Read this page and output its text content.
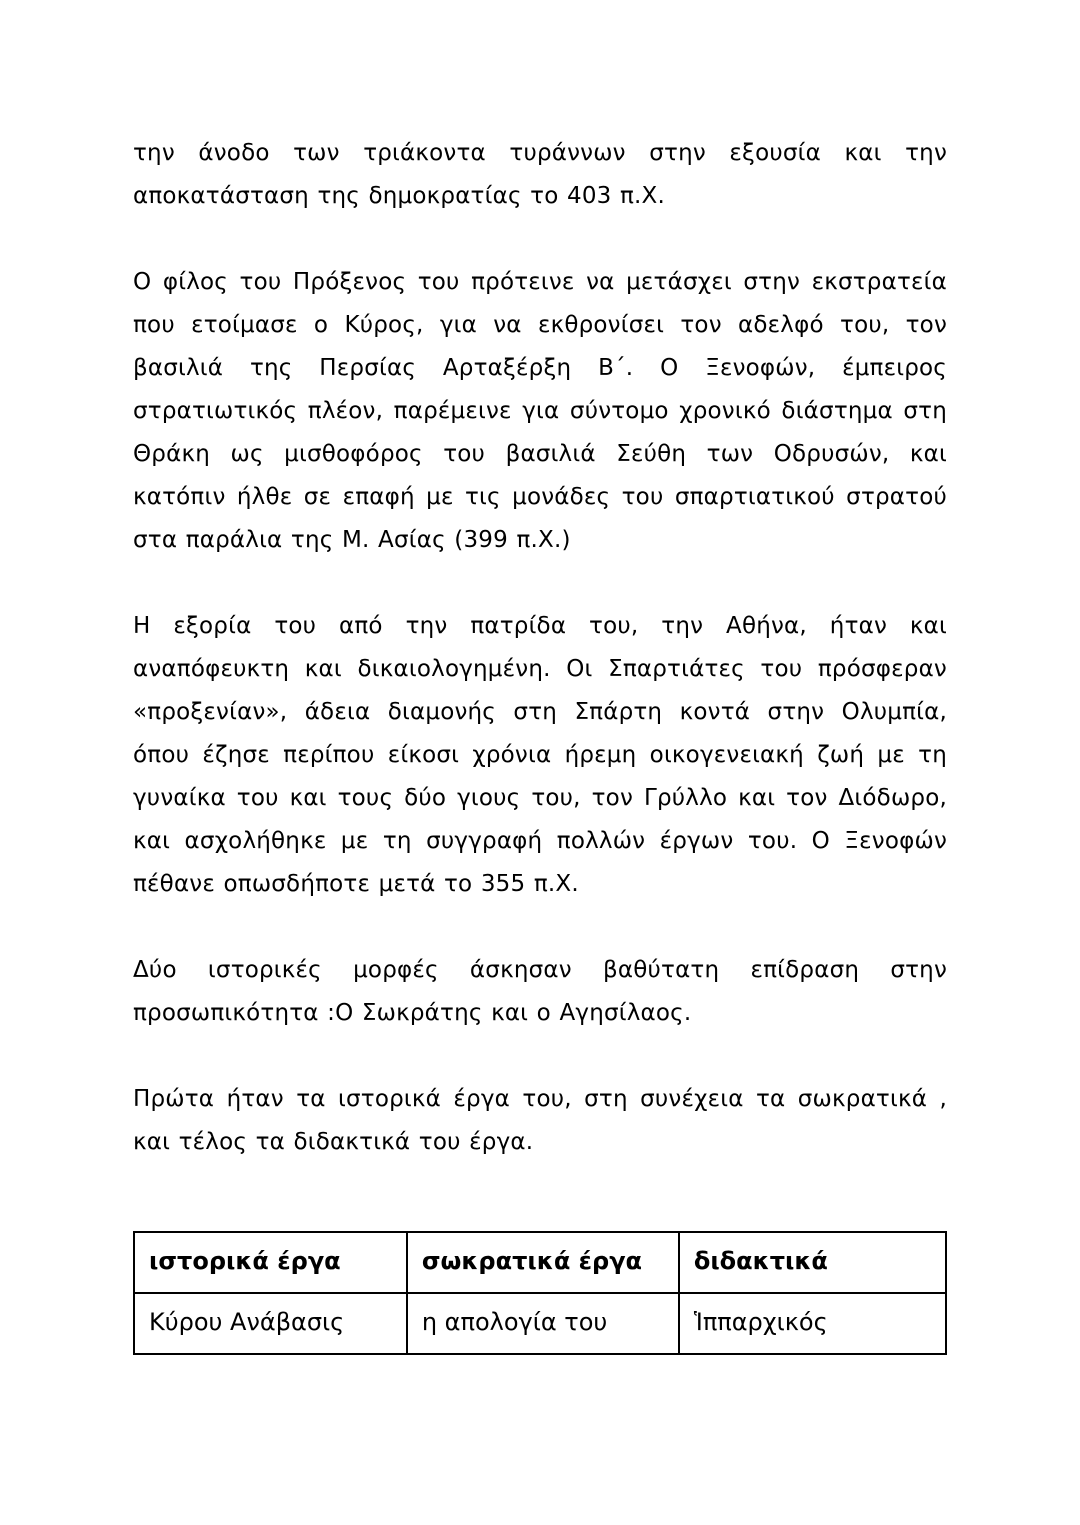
την άνοδο των τριάκοντα τυράννων στην εξουσία και την αποκατάσταση της δημοκρατίας το 403 π.Χ.

Ο φίλος του Πρόξενος του πρότεινε να μετάσχει στην εκστρατεία που ετοίμασε ο Κύρος, για να εκθρονίσει τον αδελφό του, τον βασιλιά της Περσίας Αρταξέρξη Β΄. Ο Ξενοφών, έμπειρος στρατιωτικός πλέον, παρέμεινε για σύντομο χρονικό διάστημα στη Θράκη ως μισθοφόρος του βασιλιά Σεύθη των Οδρυσών, και κατόπιν ήλθε σε επαφή με τις μονάδες του σπαρτιατικού στρατού στα παράλια της Μ. Ασίας (399 π.Χ.)

Η εξορία του από την πατρίδα του, την Αθήνα, ήταν και αναπόφευκτη και δικαιολογημένη. Οι Σπαρτιάτες του πρόσφεραν «προξενίαν», άδεια διαμονής στη Σπάρτη κοντά στην Ολυμπία, όπου έζησε περίπου είκοσι χρόνια ήρεμη οικογενειακή ζωή με τη γυναίκα του και τους δύο γιους του, τον Γρύλλο και τον Διόδωρο, και ασχολήθηκε με τη συγγραφή πολλών έργων του. Ο Ξενοφών πέθανε οπωσδήποτε μετά το 355 π.Χ.

Δύο ιστορικές μορφές άσκησαν βαθύτατη επίδραση στην προσωπικότητα :Ο Σωκράτης και ο Αγησίλαος.

Πρώτα ήταν τα ιστορικά έργα του, στη συνέχεια τα σωκρατικά , και τέλος τα διδακτικά του έργα.

ιστορικά έργα	σωκρατικά έργα	διδακτικά
Κύρου Ανάβασις	η απολογία του	Ἱππαρχικός
